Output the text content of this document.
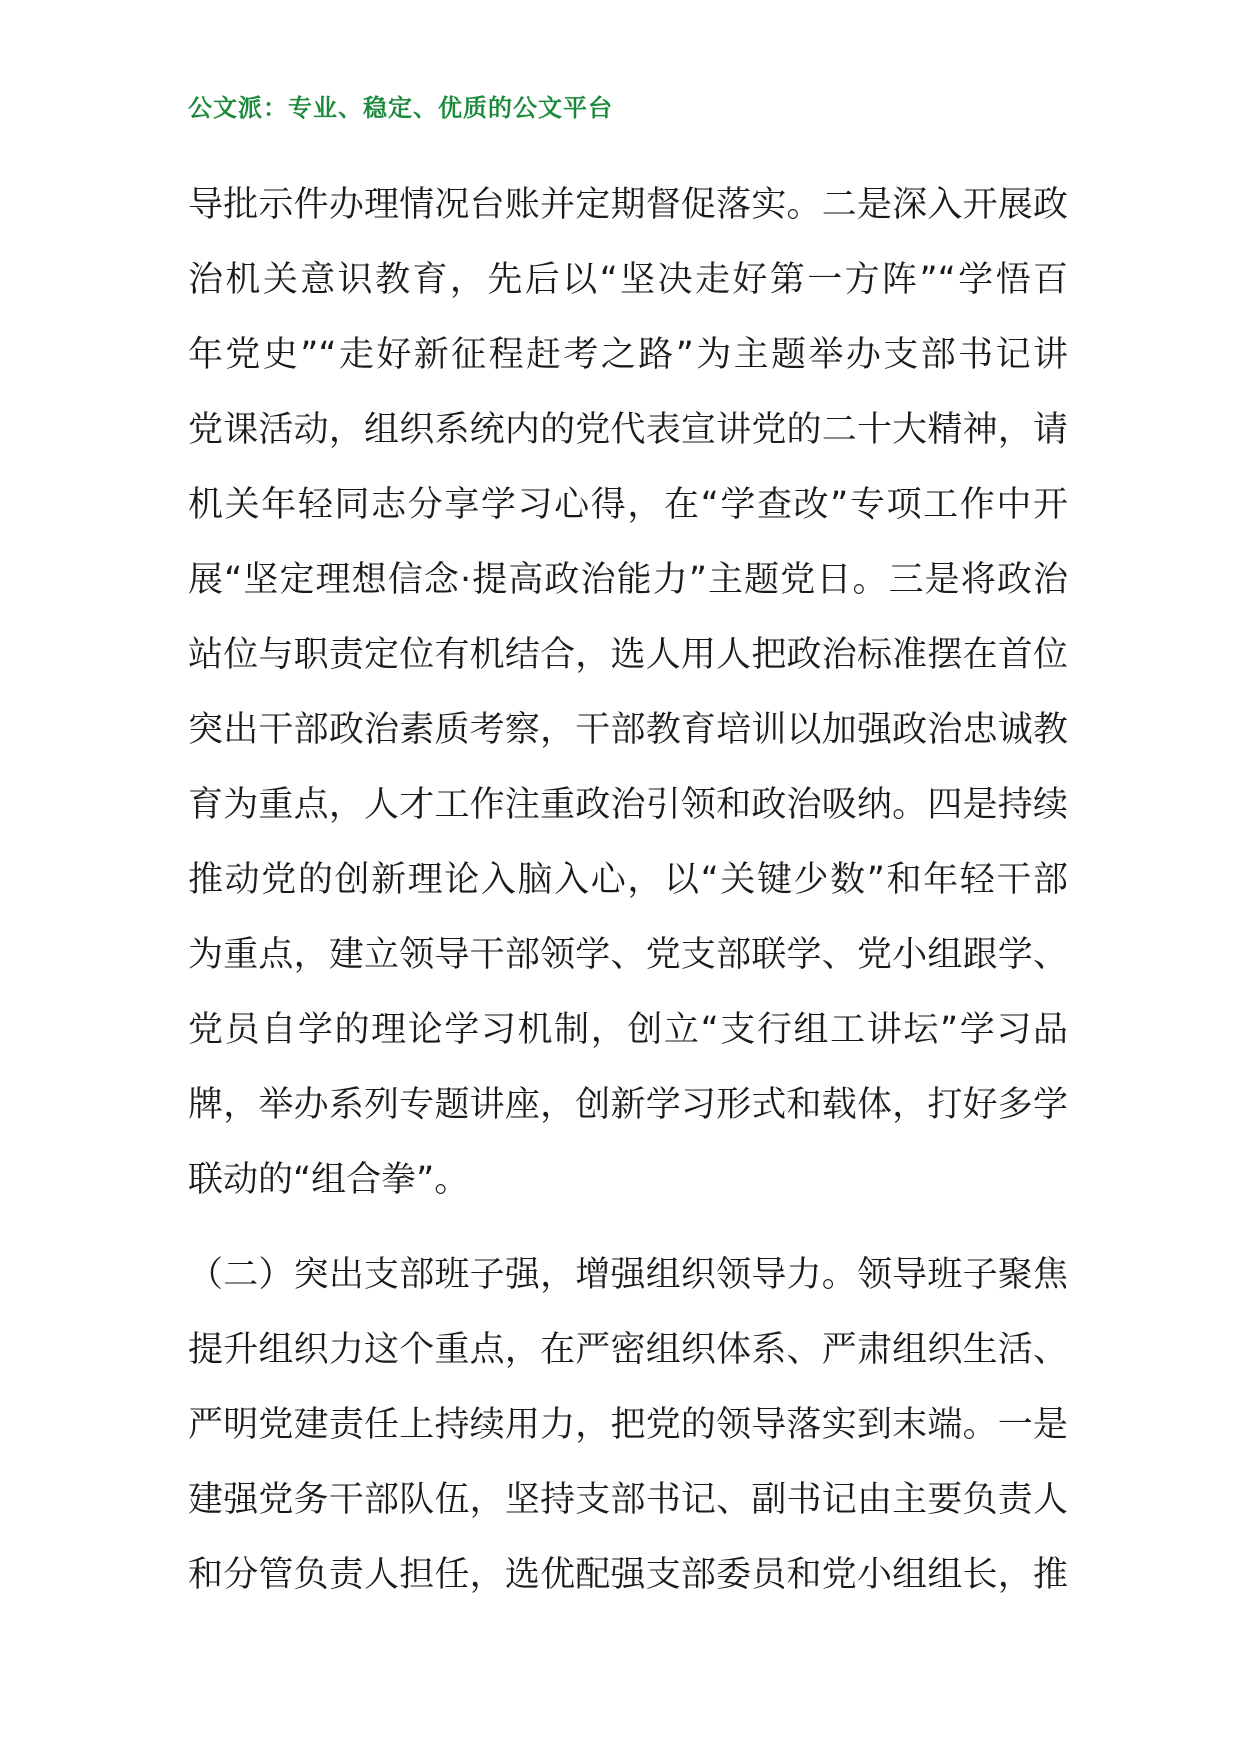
公文派：专业、稳定、优质的公文平台
导批示件办理情况台账并定期督促落实。二是深入开展政
治机关意识教育，先后以“坚决走好第一方阵”“学悟百
年党史”“走好新征程赶考之路”为主题举办支部书记讲
党课活动，组织系统内的党代表宣讲党的二十大精神，请
机关年轻同志分享学习心得，在“学查改”专项工作中开
展“坚定理想信念·提高政治能力”主题党日。三是将政治
站位与职责定位有机结合，选人用人把政治标准摆在首位
突出干部政治素质考察，干部教育培训以加强政治忠诚教
育为重点，人才工作注重政治引领和政治吸纳。四是持续
推动党的创新理论入脑入心，以“关键少数”和年轻干部
为重点，建立领导干部领学、党支部联学、党小组跟学、
党员自学的理论学习机制，创立“支行组工讲坛”学习品
牌，举办系列专题讲座，创新学习形式和载体，打好多学
联动的“组合拳”。
（二）突出支部班子强，增强组织领导力。领导班子聚焦
提升组织力这个重点，在严密组织体系、严肃组织生活、
严明党建责任上持续用力，把党的领导落实到末端。一是
建强党务干部队伍，坚持支部书记、副书记由主要负责人
和分管负责人担任，选优配强支部委员和党小组组长，推
